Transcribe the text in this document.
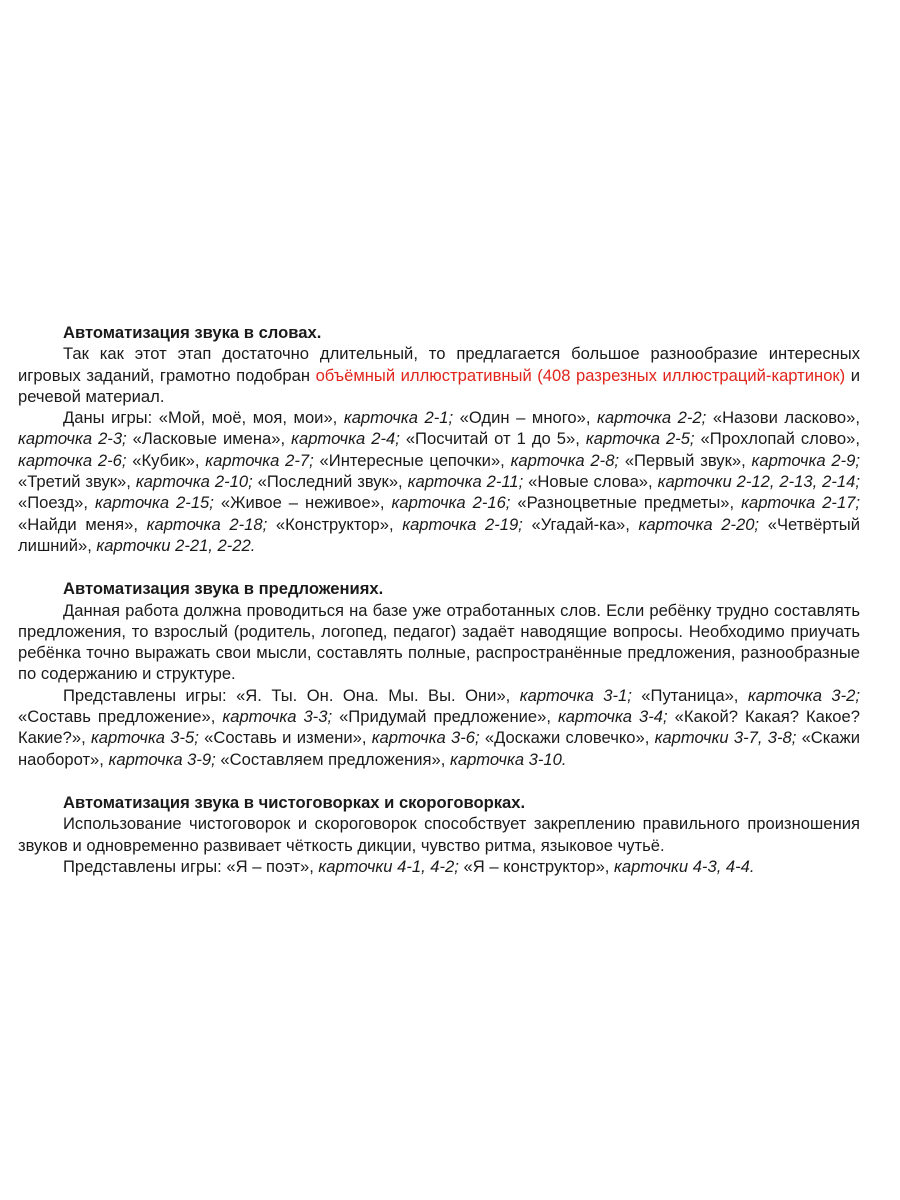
Автоматизация звука в словах.

Так как этот этап достаточно длительный, то предлагается большое разнообразие интересных игровых заданий, грамотно подобран объёмный иллюстративный (408 разрезных иллюстраций-картинок) и речевой материал.

Даны игры: «Мой, моё, моя, мои», карточка 2-1; «Один – много», карточка 2-2; «Назови ласково», карточка 2-3; «Ласковые имена», карточка 2-4; «Посчитай от 1 до 5», карточка 2-5; «Прохлопай слово», карточка 2-6; «Кубик», карточка 2-7; «Интересные цепочки», карточка 2-8; «Первый звук», карточка 2-9; «Третий звук», карточка 2-10; «Последний звук», карточка 2-11; «Новые слова», карточки 2-12, 2-13, 2-14; «Поезд», карточка 2-15; «Живое – неживое», карточка 2-16; «Разноцветные предметы», карточка 2-17; «Найди меня», карточка 2-18; «Конструктор», карточка 2-19; «Угадай-ка», карточка 2-20; «Четвёртый лишний», карточки 2-21, 2-22.

Автоматизация звука в предложениях.

Данная работа должна проводиться на базе уже отработанных слов. Если ребёнку трудно составлять предложения, то взрослый (родитель, логопед, педагог) задаёт наводящие вопросы. Необходимо приучать ребёнка точно выражать свои мысли, составлять полные, распространённые предложения, разнообразные по содержанию и структуре.

Представлены игры: «Я. Ты. Он. Она. Мы. Вы. Они», карточка 3-1; «Путаница», карточка 3-2; «Составь предложение», карточка 3-3; «Придумай предложение», карточка 3-4; «Какой? Какая? Какое? Какие?», карточка 3-5; «Составь и измени», карточка 3-6; «Доскажи словечко», карточки 3-7, 3-8; «Скажи наоборот», карточка 3-9; «Составляем предложения», карточка 3-10.

Автоматизация звука в чистоговорках и скороговорках.

Использование чистоговорок и скороговорок способствует закреплению правильного произношения звуков и одновременно развивает чёткость дикции, чувство ритма, языковое чутьё.

Представлены игры: «Я – поэт», карточки 4-1, 4-2; «Я – конструктор», карточки 4-3, 4-4.
